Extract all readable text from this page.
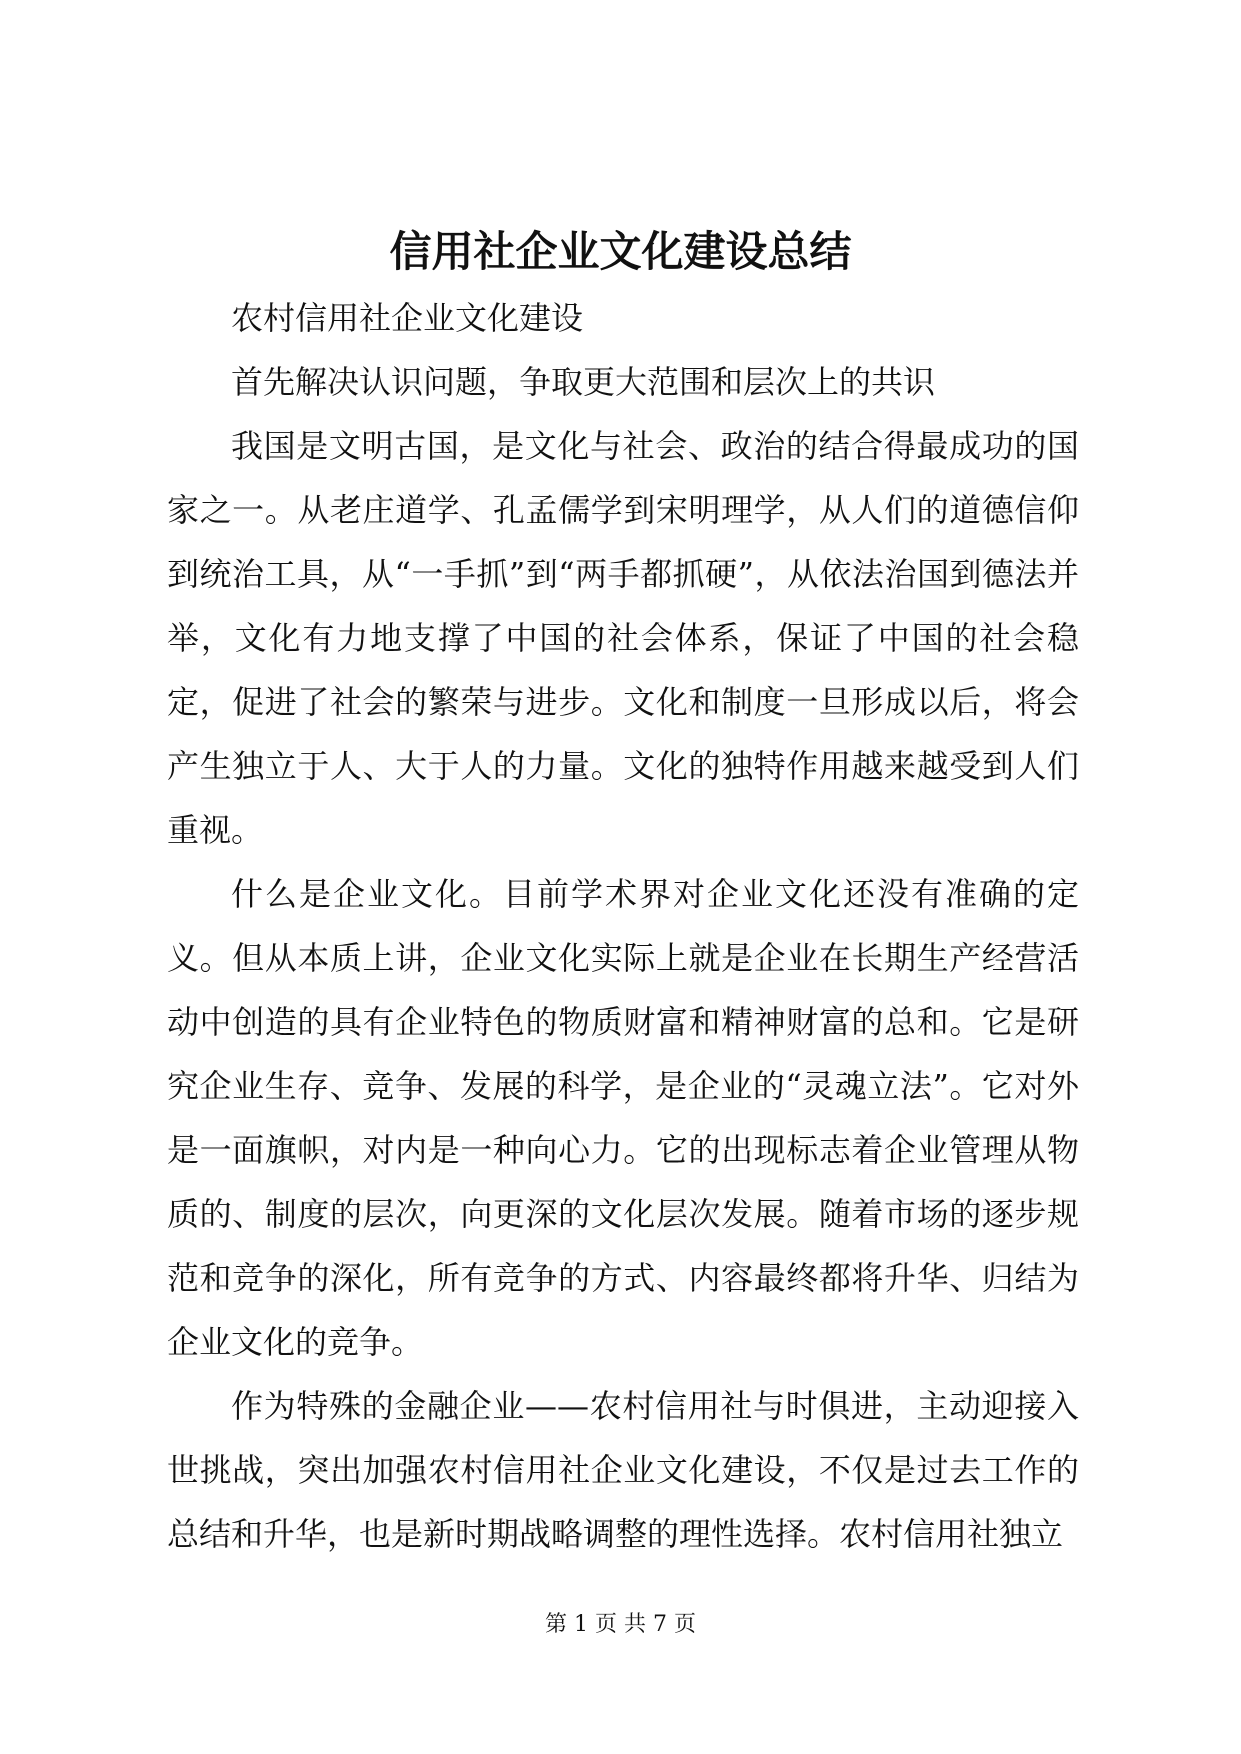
信用社企业文化建设总结

农村信用社企业文化建设

首先解决认识问题，争取更大范围和层次上的共识

我国是文明古国，是文化与社会、政治的结合得最成功的国家之一。从老庄道学、孔孟儒学到宋明理学，从人们的道德信仰到统治工具，从“一手抓”到“两手都抓硬”，从依法治国到德法并举，文化有力地支撑了中国的社会体系，保证了中国的社会稳定，促进了社会的繁荣与进步。文化和制度一旦形成以后，将会产生独立于人、大于人的力量。文化的独特作用越来越受到人们重视。

什么是企业文化。目前学术界对企业文化还没有准确的定义。但从本质上讲，企业文化实际上就是企业在长期生产经营活动中创造的具有企业特色的物质财富和精神财富的总和。它是研究企业生存、竞争、发展的科学，是企业的“灵魂立法”。它对外是一面旗帜，对内是一种向心力。它的出现标志着企业管理从物质的、制度的层次，向更深的文化层次发展。随着市场的逐步规范和竞争的深化，所有竞争的方式、内容最终都将升华、归结为企业文化的竞争。

作为特殊的金融企业——农村信用社与时俱进，主动迎接入世挑战，突出加强农村信用社企业文化建设，不仅是过去工作的总结和升华，也是新时期战略调整的理性选择。农村信用社独立

第 1 页 共 7 页
